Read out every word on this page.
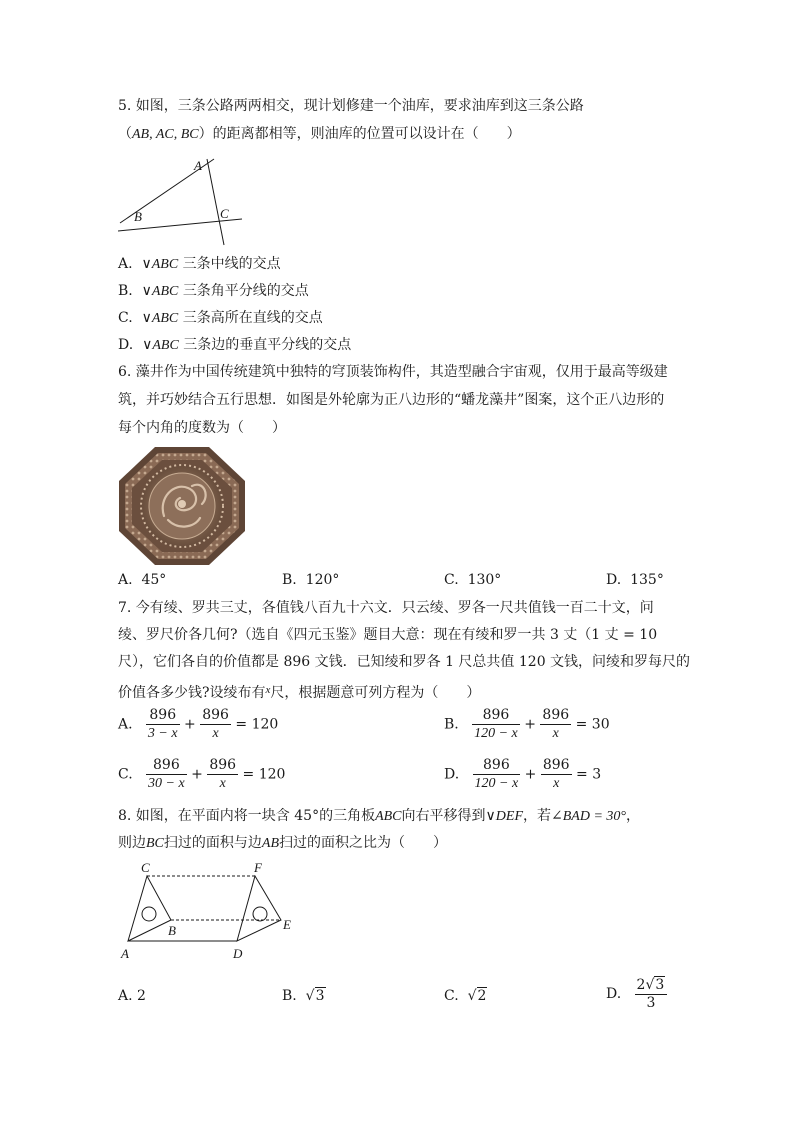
5. 如图，三条公路两两相交，现计划修建一个油库，要求油库到这三条公路
（AB, AC, BC）的距离都相等，则油库的位置可以设计在（　　）
A
B	C
A. ∨ABC 三条中线的交点
B. ∨ABC 三条角平分线的交点
C. ∨ABC 三条高所在直线的交点
D. ∨ABC 三条边的垂直平分线的交点
6. 藻井作为中国传统建筑中独特的穹顶装饰构件，其造型融合宇宙观，仅用于最高等级建
筑，并巧妙结合五行思想．如图是外轮廓为正八边形的“蟠龙藻井”图案，这个正八边形的
每个内角的度数为（　　）
A. 45°	B. 120°	C. 130°	D. 135°
7. 今有绫、罗共三丈，各值钱八百九十六文．只云绫、罗各一尺共值钱一百二十文，问
绫、罗尺价各几何?（选自《四元玉鉴》题目大意：现在有绫和罗一共 3 丈（1 丈 = 10
尺），它们各自的价值都是 896 文钱．已知绫和罗各 1 尺总共值 120 文钱，问绫和罗每尺的
价值各多少钱?设绫布有$^x$尺，根据题意可列方程为（　　）
A. $\frac{896}{3 - x} + \frac{896}{x} = 120$	B. $\frac{896}{120 - x} + \frac{896}{x} = 30$
C. $\frac{896}{30 - x} + \frac{896}{x} = 120$	D. $\frac{896}{120 - x} + \frac{896}{x} = 3$
8. 如图，在平面内将一块含 45°的三角板ABC向右平移得到∨DEF，若∠BAD = 30°，
则边BC扫过的面积与边AB扫过的面积之比为（　　）
A
B
C
D
E
F
A. 2	B.  √3	C.  √2	D. $\frac{2√3}{3}$
